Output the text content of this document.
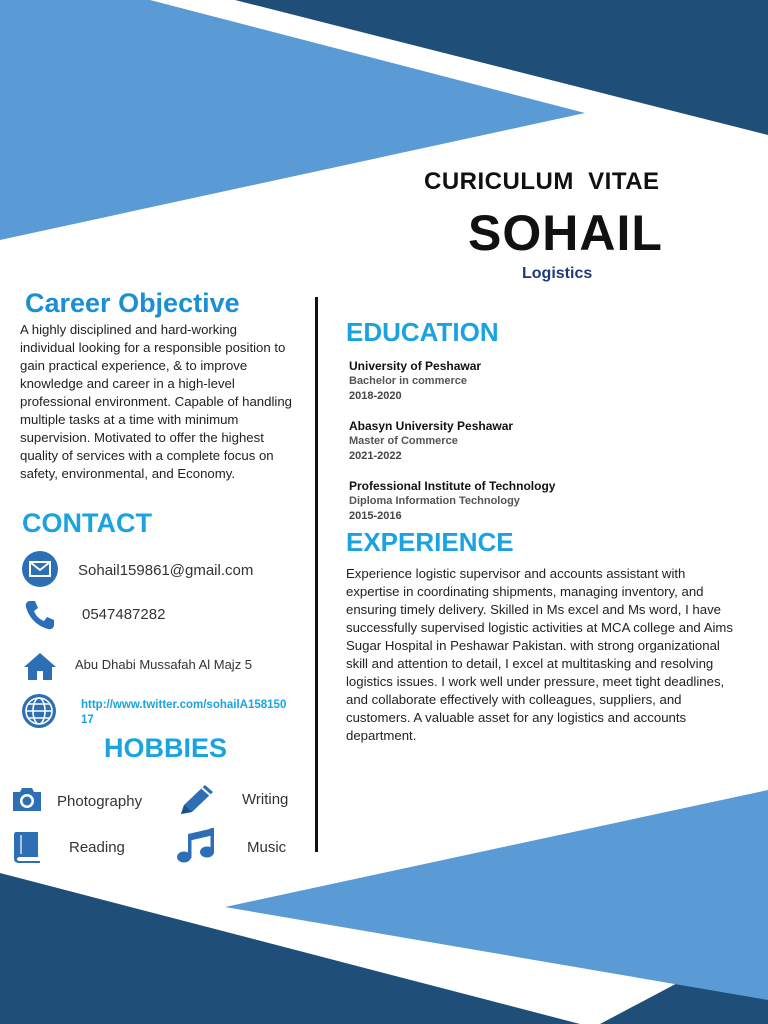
CURICULUM  VITAE
SOHAIL
Logistics
Career Objective
A highly disciplined and hard-working individual looking for a responsible position to gain practical experience, & to improve knowledge and career in a high-level professional environment. Capable of handling multiple tasks at a time with minimum supervision. Motivated to offer the highest quality of services with a complete focus on safety, environmental, and Economy.
CONTACT
Sohail159861@gmail.com
0547487282
Abu Dhabi Mussafah Al Majz 5
http://www.twitter.com/sohailA15815017
HOBBIES
Photography	Writing
Reading	Music
EDUCATION
University of Peshawar
Bachelor in commerce
2018-2020
Abasyn University Peshawar
Master of Commerce
2021-2022
Professional Institute of Technology
Diploma Information Technology
2015-2016
EXPERIENCE
Experience logistic supervisor and accounts assistant with expertise in coordinating shipments, managing inventory, and ensuring timely delivery. Skilled in Ms excel and Ms word, I have successfully supervised logistic activities at MCA college and Aims Sugar Hospital in Peshawar Pakistan. with strong organizational skill and attention to detail, I excel at multitasking and resolving logistics issues. I work well under pressure, meet tight deadlines, and collaborate effectively with colleagues, suppliers, and customers. A valuable asset for any logistics and accounts department.
